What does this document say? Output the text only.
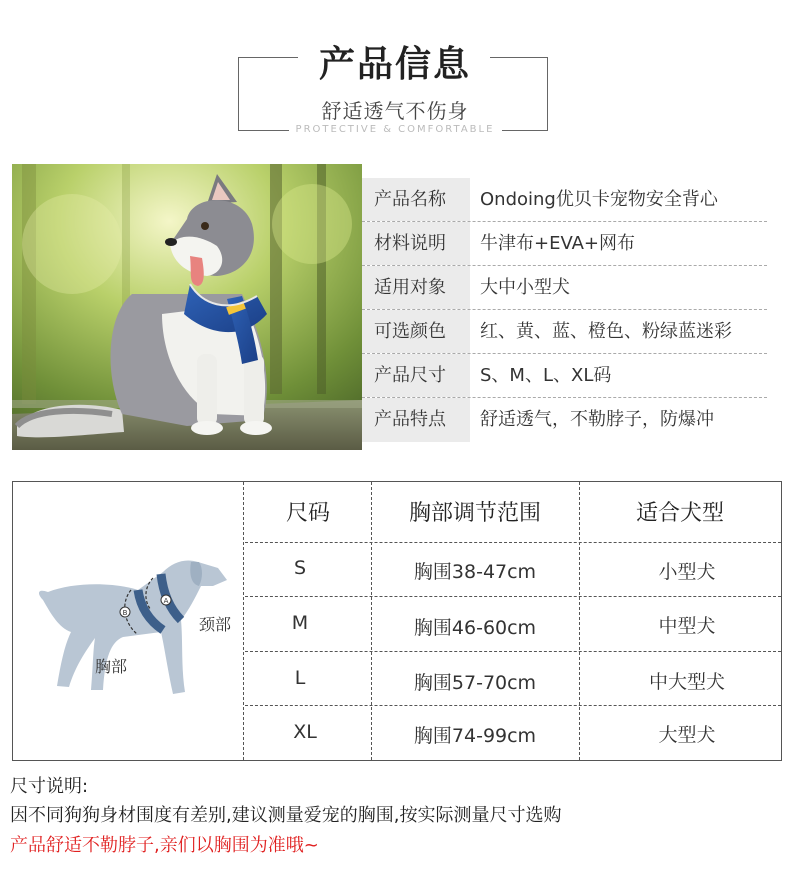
产品信息
舒适透气不伤身
PROTECTIVE & COMFORTABLE
产品名称	Ondoing优贝卡宠物安全背心
材料说明	牛津布+EVA+网布
适用对象	大中小型犬
可选颜色	红、黄、蓝、橙色、粉绿蓝迷彩
产品尺寸	S、M、L、XL码
产品特点	舒适透气，不勒脖子，防爆冲
A
B
颈部
胸部
尺码	胸部调节范围	适合犬型
S	胸围38-47cm	小型犬
M	胸围46-60cm	中型犬
L	胸围57-70cm	中大型犬
XL	胸围74-99cm	大型犬
尺寸说明:
因不同狗狗身材围度有差别,建议测量爱宠的胸围,按实际测量尺寸选购
产品舒适不勒脖子,亲们以胸围为准哦~
